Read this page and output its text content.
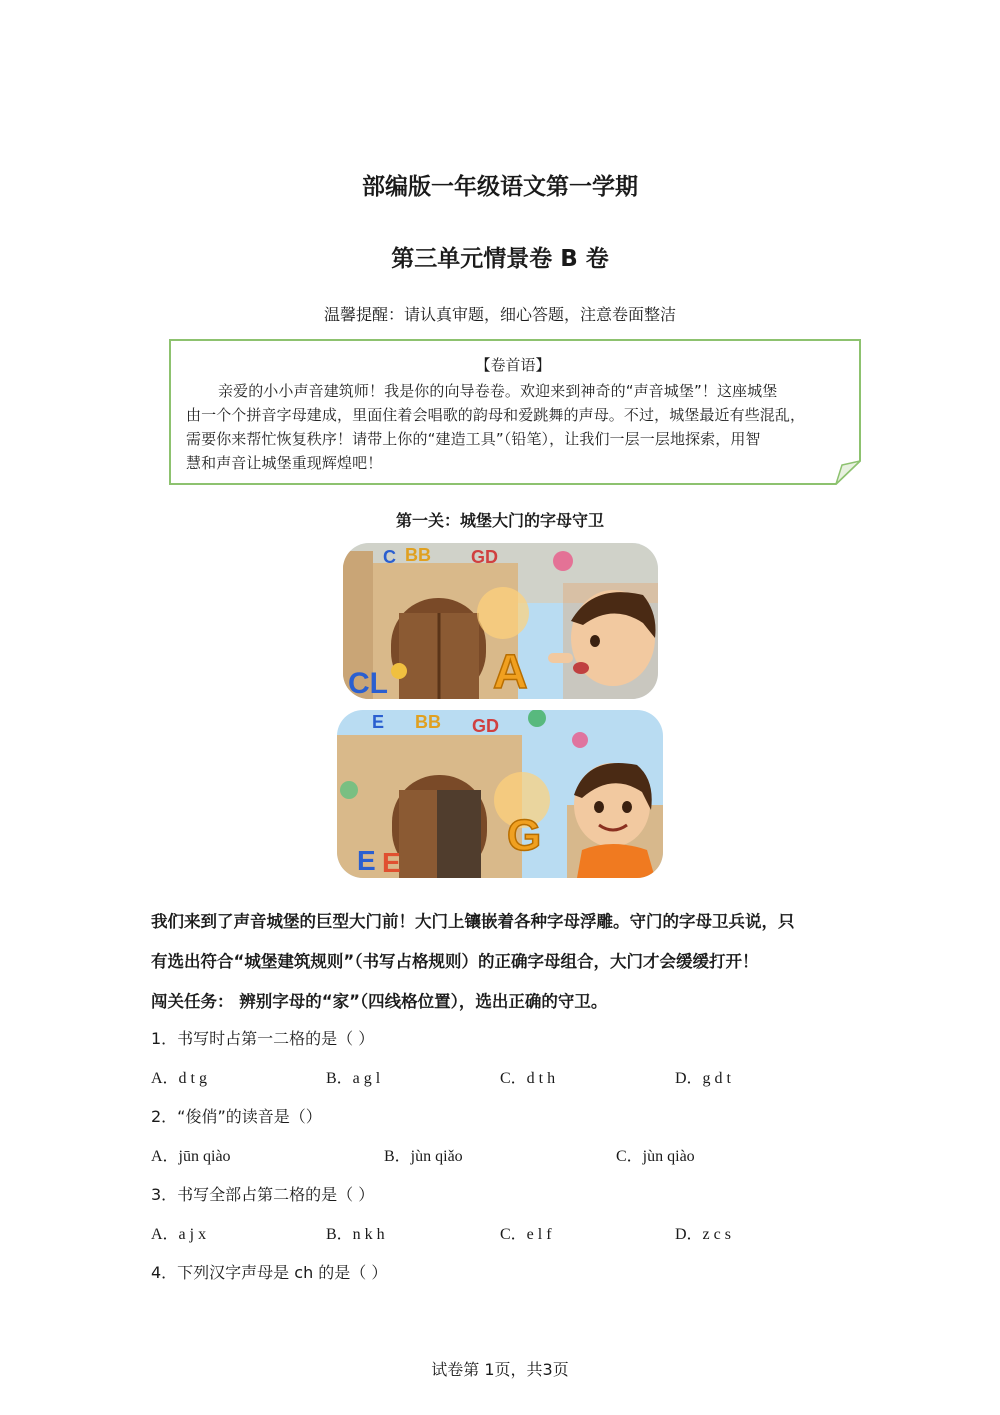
部编版一年级语文第一学期
第三单元情景卷 B 卷
温馨提醒：请认真审题，细心答题，注意卷面整洁
【卷首语】
亲爱的小小声音建筑师！我是你的向导卷卷。欢迎来到神奇的“声音城堡”！这座城堡
由一个个拼音字母建成，里面住着会唱歌的韵母和爱跳舞的声母。不过，城堡最近有些混乱，
需要你来帮忙恢复秩序！请带上你的“建造工具”（铅笔），让我们一层一层地探索，用智
慧和声音让城堡重现辉煌吧！
第一关：城堡大门的字母守卫
A
CL
C BB GD
G
E E
E BB GD
我们来到了声音城堡的巨型大门前！大门上镶嵌着各种字母浮雕。守门的字母卫兵说，只
有选出符合“城堡建筑规则”（书写占格规则）的正确字母组合，大门才会缓缓打开！
闯关任务： 辨别字母的“家”（四线格位置），选出正确的守卫。
1．书写时占第一二格的是（ ）
A．d t g	B．a g l	C．d t h	D．g d t
2．“俊俏”的读音是（）
A．jūn qiào	B．jùn qiǎo	C．jùn qiào
3．书写全部占第二格的是（ ）
A．a j x	B．n k h	C．e l f	D．z c s
4．下列汉字声母是 ch 的是（ ）
试卷第 1页，共3页
